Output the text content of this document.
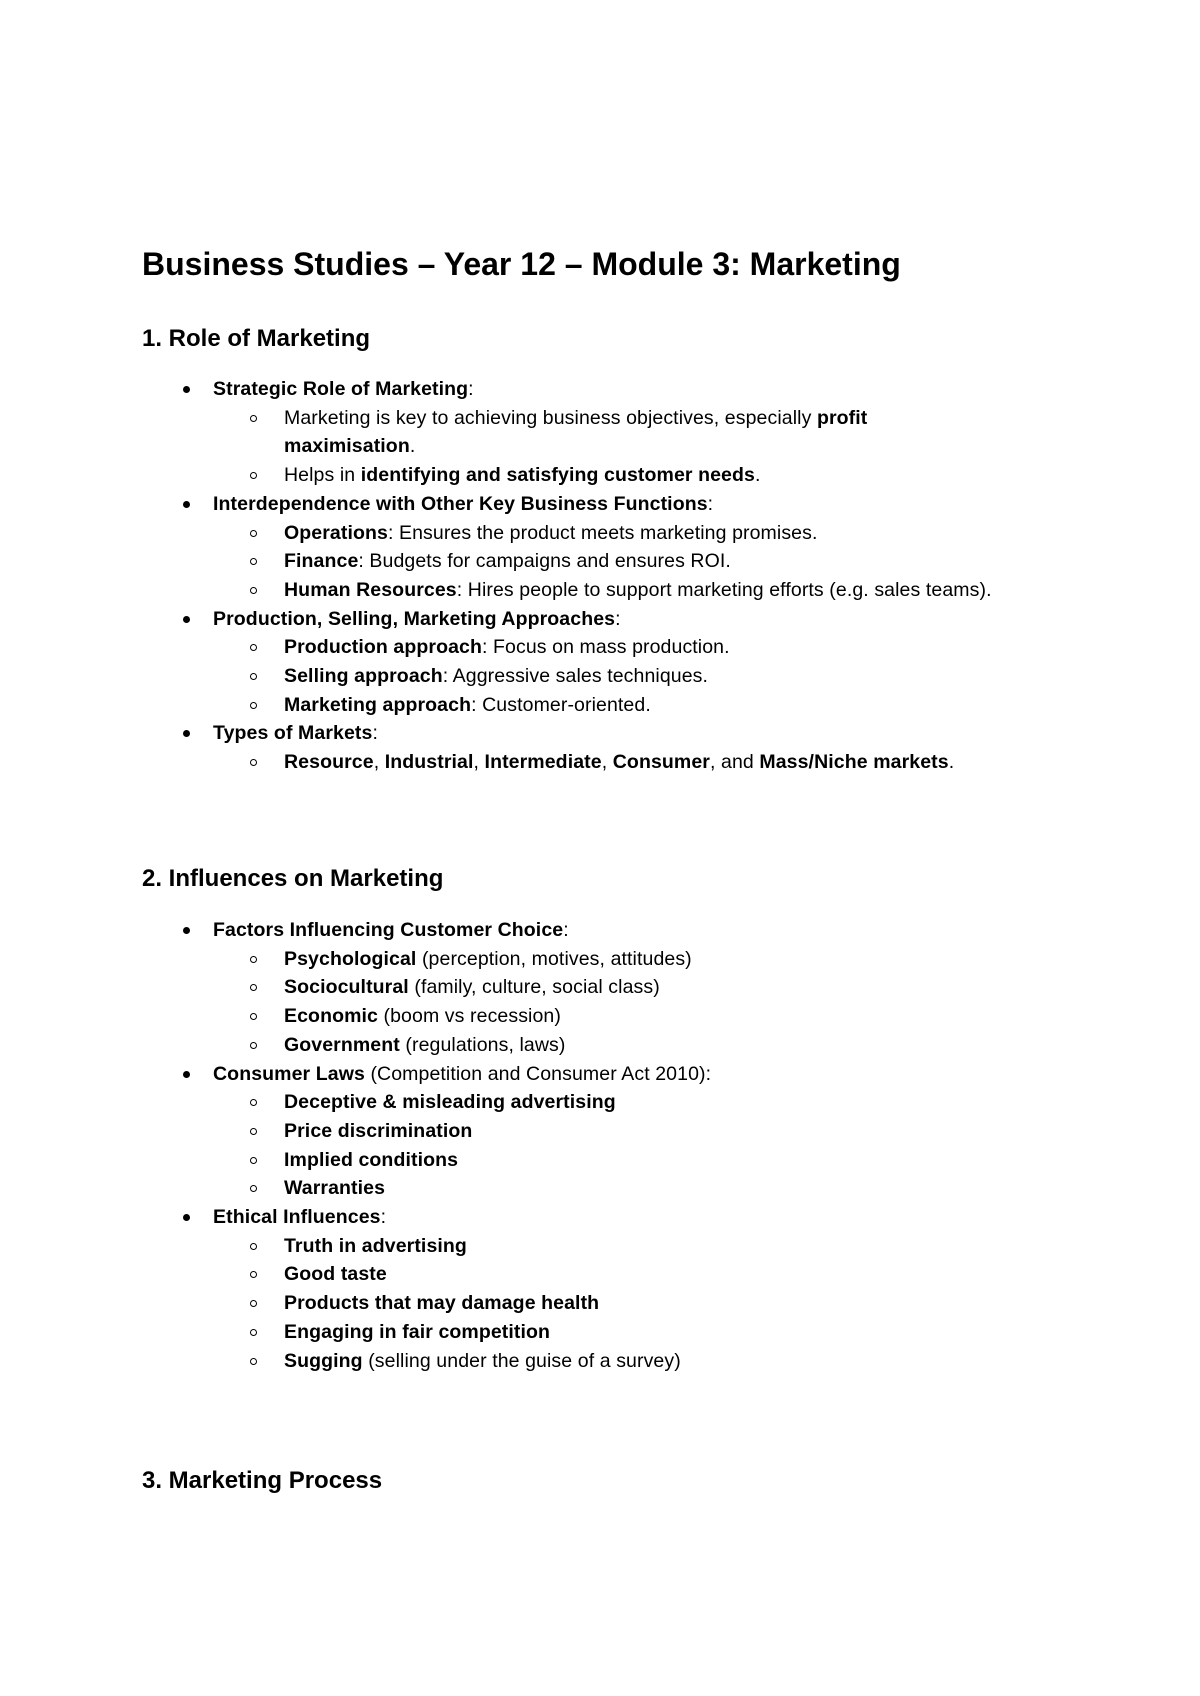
Business Studies – Year 12 – Module 3: Marketing
1. Role of Marketing
Strategic Role of Marketing:
Marketing is key to achieving business objectives, especially profit
maximisation.
Helps in identifying and satisfying customer needs.
Interdependence with Other Key Business Functions:
Operations: Ensures the product meets marketing promises.
Finance: Budgets for campaigns and ensures ROI.
Human Resources: Hires people to support marketing efforts (e.g. sales teams).
Production, Selling, Marketing Approaches:
Production approach: Focus on mass production.
Selling approach: Aggressive sales techniques.
Marketing approach: Customer-oriented.
Types of Markets:
Resource, Industrial, Intermediate, Consumer, and Mass/Niche markets.
2. Influences on Marketing
Factors Influencing Customer Choice:
Psychological (perception, motives, attitudes)
Sociocultural (family, culture, social class)
Economic (boom vs recession)
Government (regulations, laws)
Consumer Laws (Competition and Consumer Act 2010):
Deceptive & misleading advertising
Price discrimination
Implied conditions
Warranties
Ethical Influences:
Truth in advertising
Good taste
Products that may damage health
Engaging in fair competition
Sugging (selling under the guise of a survey)
3. Marketing Process
